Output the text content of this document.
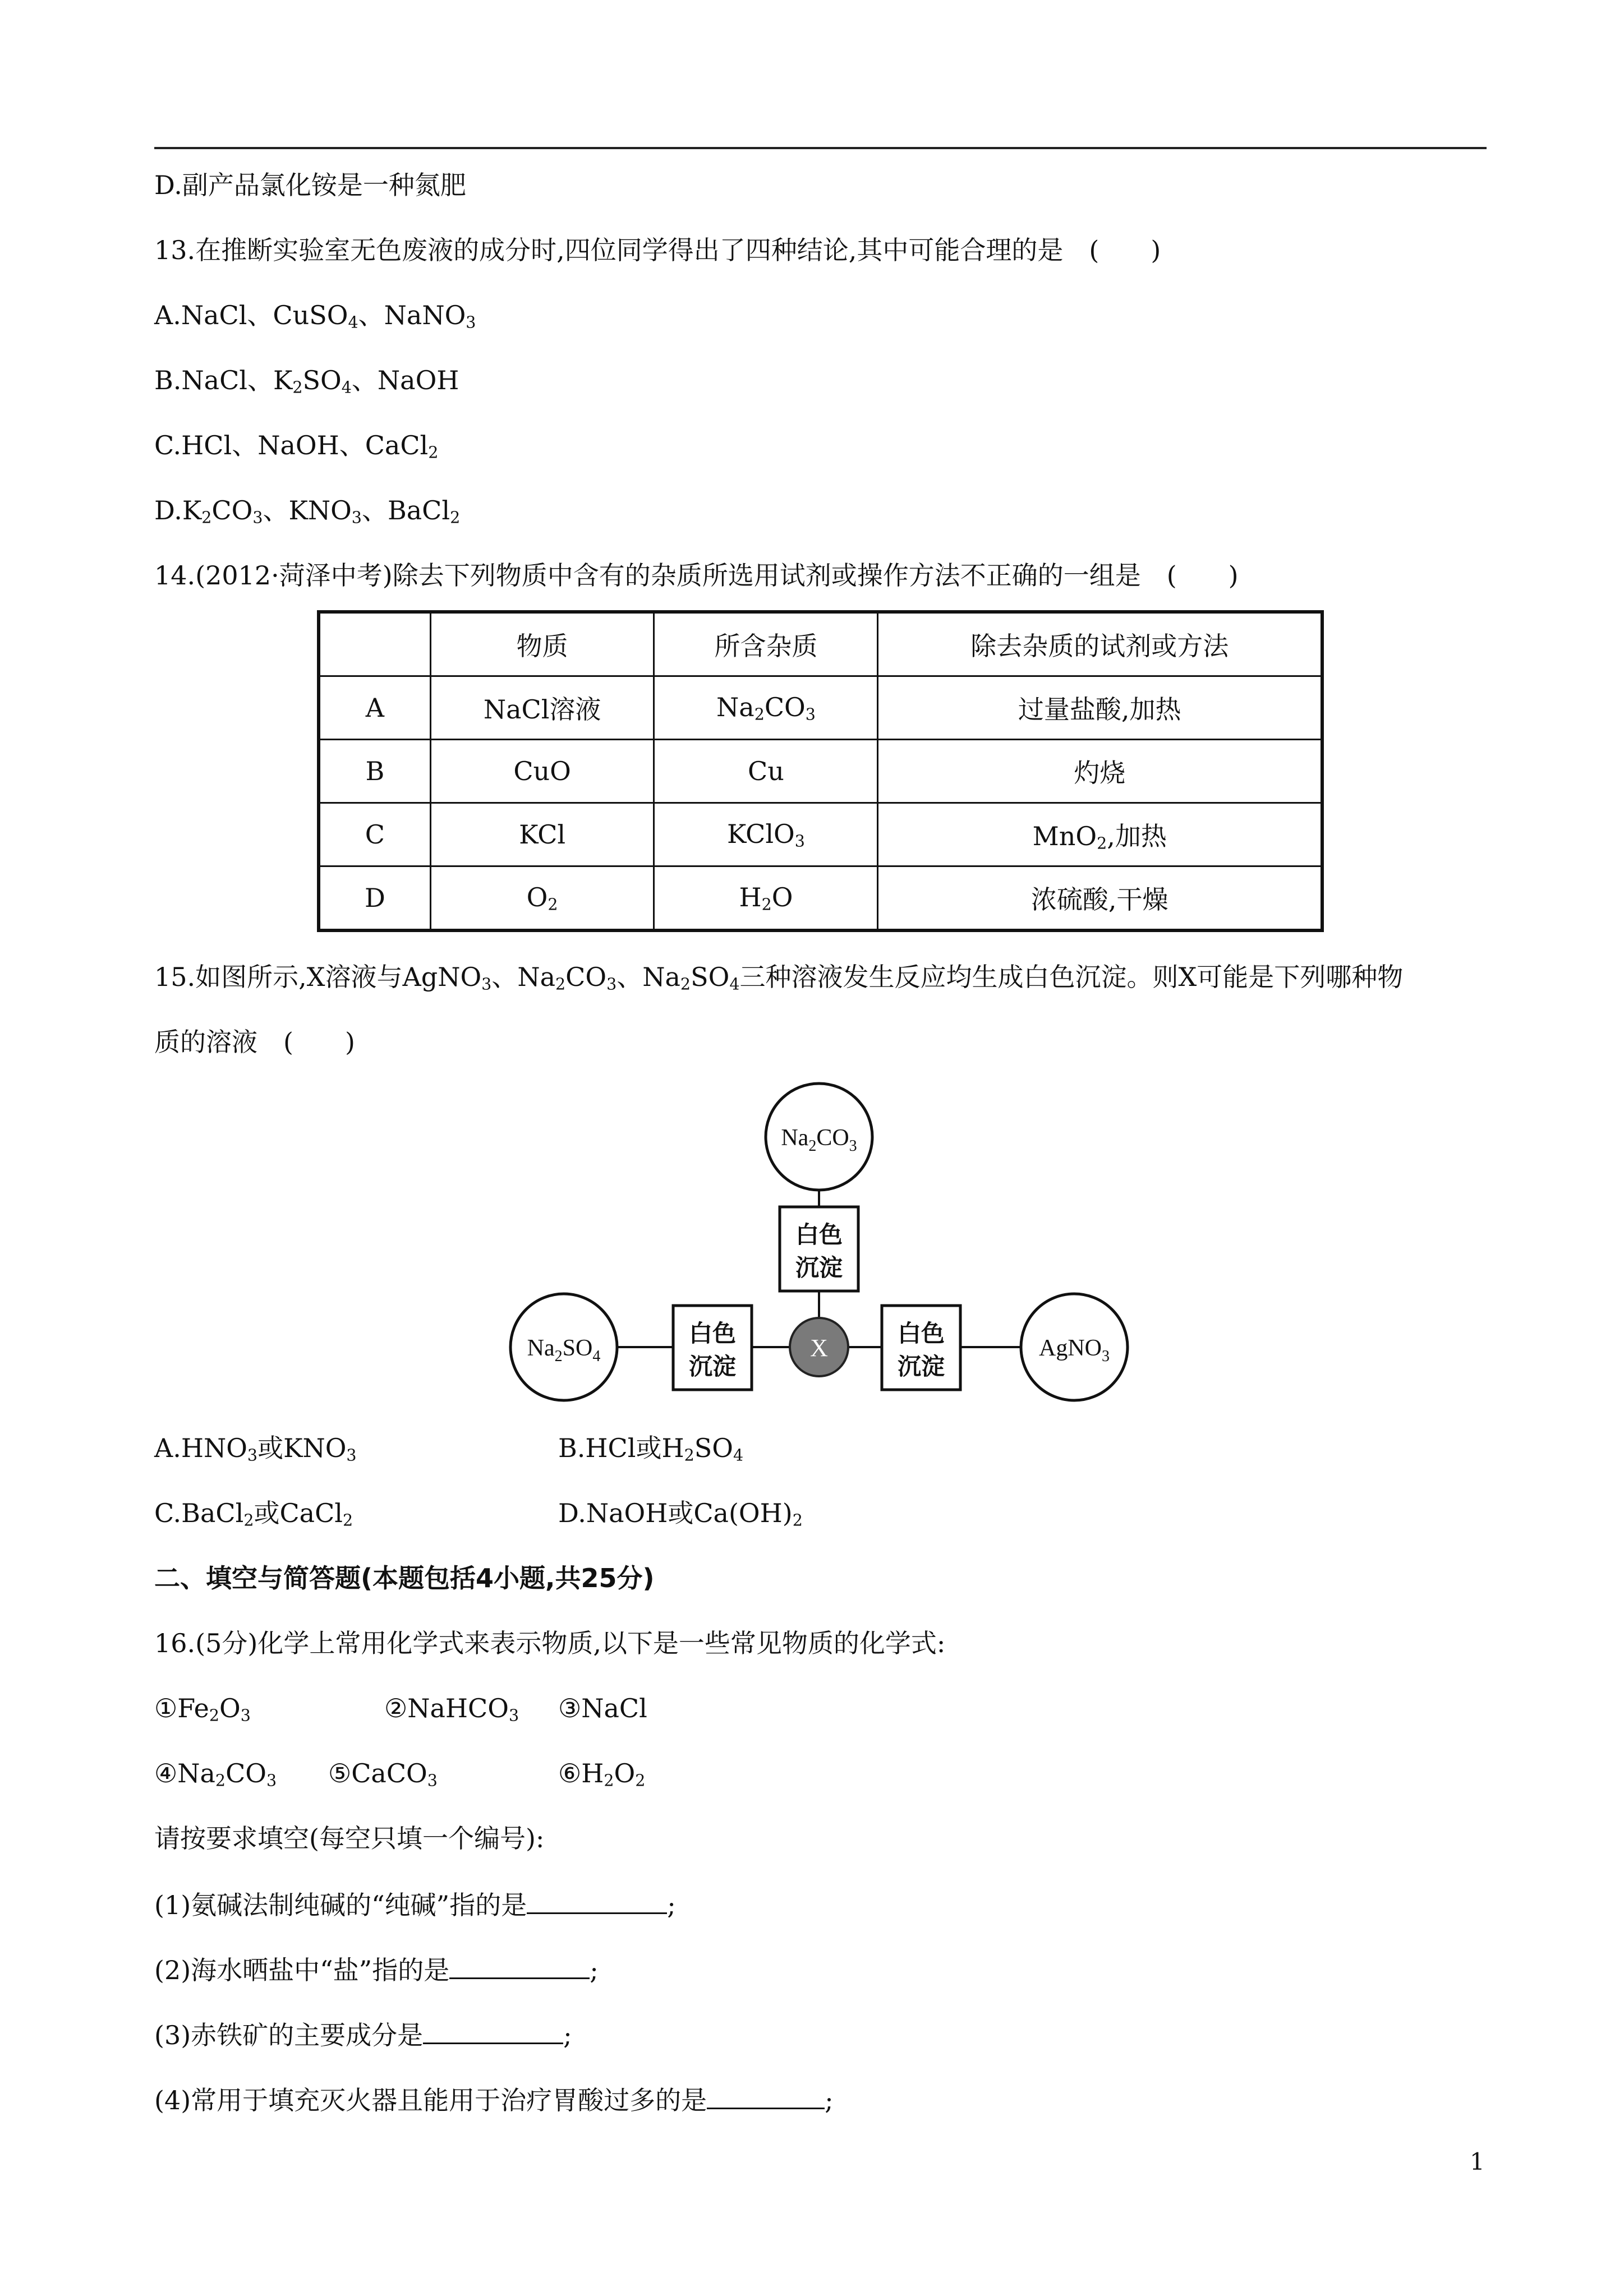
D.副产品氯化铵是一种氮肥
13.在推断实验室无色废液的成分时,四位同学得出了四种结论,其中可能合理的是　(　　)
A.NaCl、CuSO$_4$、NaNO$_3$
B.NaCl、$K_2SO_4$、NaOH
C.HCl、NaOH、CaCl$_2$
$D.K_2CO_3$、$KNO_3$、BaCl$_2$
14.(2012·菏泽中考)除去下列物质中含有的杂质所选用试剂或操作方法不正确的一组是　(　　)
	物质	所含杂质	除去杂质的试剂或方法
A	NaCl溶液	$Na_2CO_3$	过量盐酸,加热
B	CuO	Cu	灼烧
C	KCl	KClO$_3$	MnO$_2$,加热
D	$O_2$	$H_2O$	浓硫酸,干燥
15.如图所示,X溶液与AgNO$_3$、$Na_2CO_3$、$Na_2SO_4$三种溶液发生反应均生成白色沉淀。则X可能是下列哪种物
质的溶液　(　　)
$Na_2CO_3$
$Na_2SO_4$	AgNO$_3$
X
白色
沉淀
白色
沉淀
白色
沉淀
$A.HNO_3$或$KNO_3$	B.HCl或$H_2SO_4$
C.BaCl$_2$或CaCl$_2$	D.NaOH或$Ca(OH)_2$
二、填空与简答题(本题包括4小题,共25分)
16.(5分)化学上常用化学式来表示物质,以下是一些常见物质的化学式:
$①Fe_2O_3$	②NaHCO$_3$ ③NaCl
$④Na_2CO_3$ ⑤CaCO$_3$	$⑥H_2O_2$
请按要求填空(每空只填一个编号):
(1)氨碱法制纯碱的“纯碱”指的是	;
(2)海水晒盐中“盐”指的是	;
(3)赤铁矿的主要成分是	;
(4)常用于填充灭火器且能用于治疗胃酸过多的是	;
1
